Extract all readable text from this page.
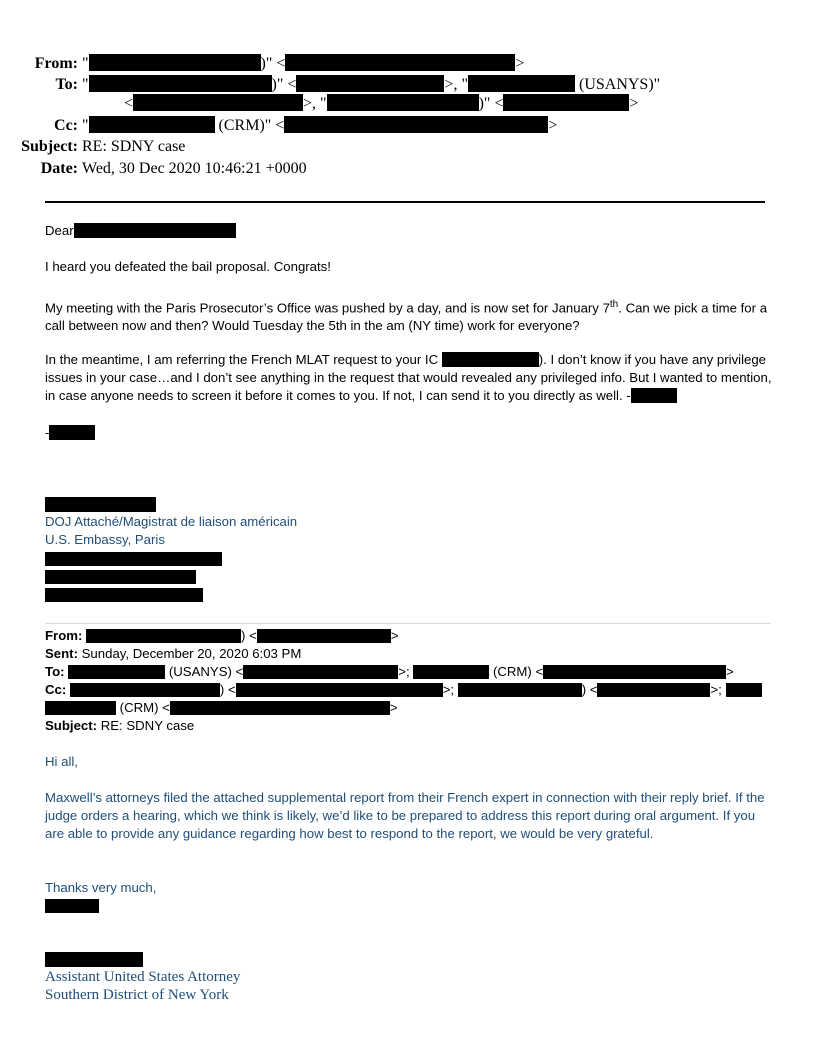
From: "	)" <	>
To: "	)" <	>, "	(USANYS)"
<	>, "	)" <	>
Cc: "	(CRM)" <	>
Subject: RE: SDNY case
Date: Wed, 30 Dec 2020 10:46:21 +0000
Dear
I heard you defeated the bail proposal. Congrats!
My meeting with the Paris Prosecutor’s Office was pushed by a day, and is now set for January 7th. Can we pick a time for a call between now and then? Would Tuesday the 5th in the am (NY time) work for everyone?
In the meantime, I am referring the French MLAT request to your IC	). I don’t know if you have any privilege issues in your case…and I don’t see anything in the request that would revealed any privileged info. But I wanted to mention, in case anyone needs to screen it before it comes to you. If not, I can send it to you directly as well. -
-
DOJ Attaché/Magistrat de liaison américain
U.S. Embassy, Paris
From:	) <	>
Sent: Sunday, December 20, 2020 6:03 PM
To:	(USANYS) <	>;	(CRM) <	>
Cc:	) <	>;	) <	>;
(CRM) <	>
Subject: RE: SDNY case
Hi all,
Maxwell’s attorneys filed the attached supplemental report from their French expert in connection with their reply brief. If the judge orders a hearing, which we think is likely, we’d like to be prepared to address this report during oral argument. If you are able to provide any guidance regarding how best to respond to the report, we would be very grateful.
Thanks very much,
Assistant United States Attorney
Southern District of New York
